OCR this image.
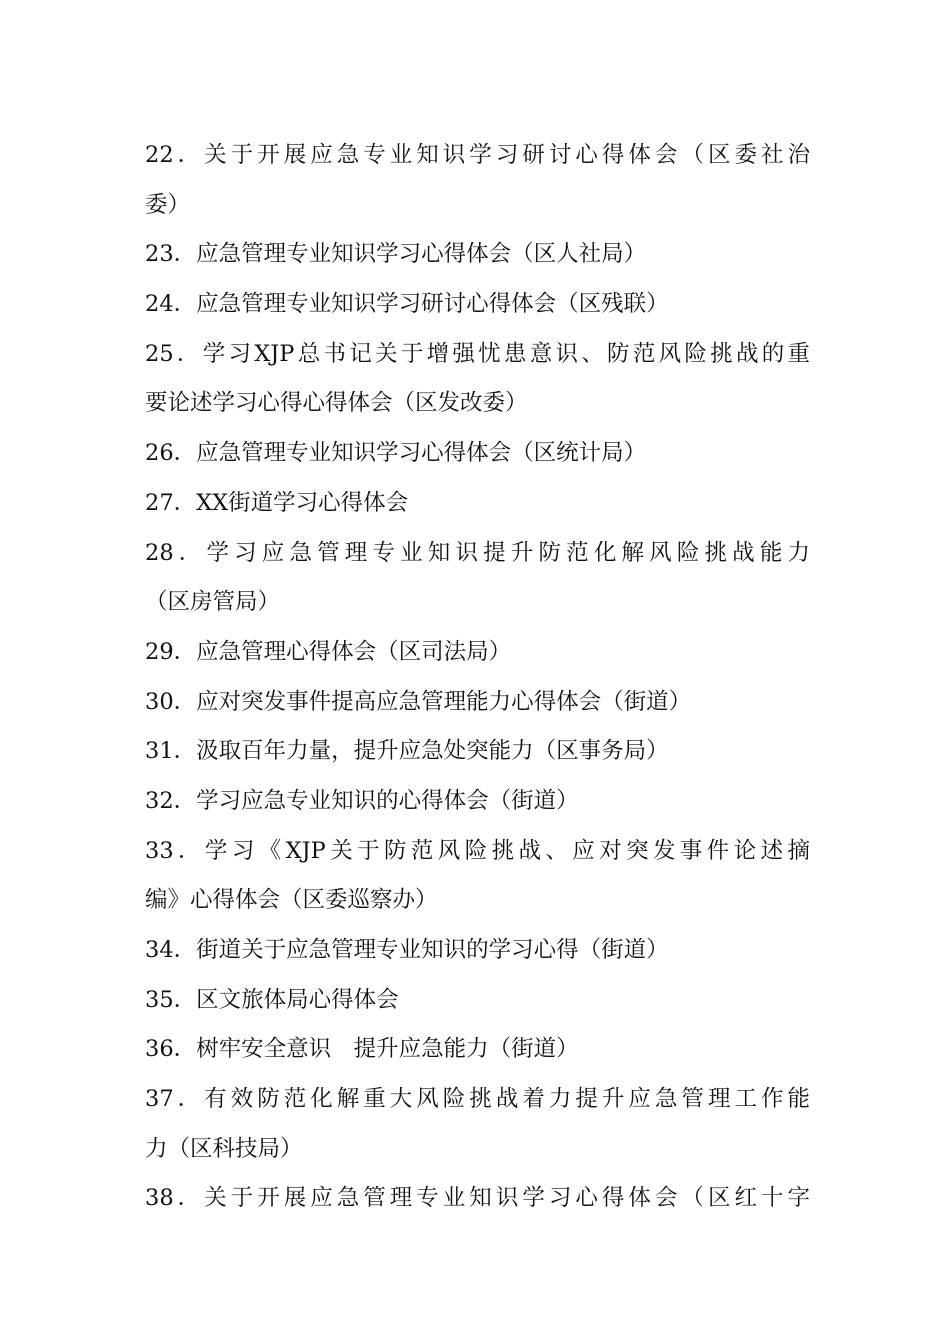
22．关于开展应急专业知识学习研讨心得体会（区委社治
委）
23．应急管理专业知识学习心得体会（区人社局）
24．应急管理专业知识学习研讨心得体会（区残联）
25．学习XJP总书记关于增强忧患意识、防范风险挑战的重
要论述学习心得心得体会（区发改委）
26．应急管理专业知识学习心得体会（区统计局）
27．XX街道学习心得体会
28．学习应急管理专业知识提升防范化解风险挑战能力
（区房管局）
29．应急管理心得体会（区司法局）
30．应对突发事件提高应急管理能力心得体会（街道）
31．汲取百年力量，提升应急处突能力（区事务局）
32．学习应急专业知识的心得体会（街道）
33．学习《XJP关于防范风险挑战、应对突发事件论述摘
编》心得体会（区委巡察办）
34．街道关于应急管理专业知识的学习心得（街道）
35．区文旅体局心得体会
36．树牢安全意识　提升应急能力（街道）
37．有效防范化解重大风险挑战着力提升应急管理工作能
力（区科技局）
38．关于开展应急管理专业知识学习心得体会（区红十字
